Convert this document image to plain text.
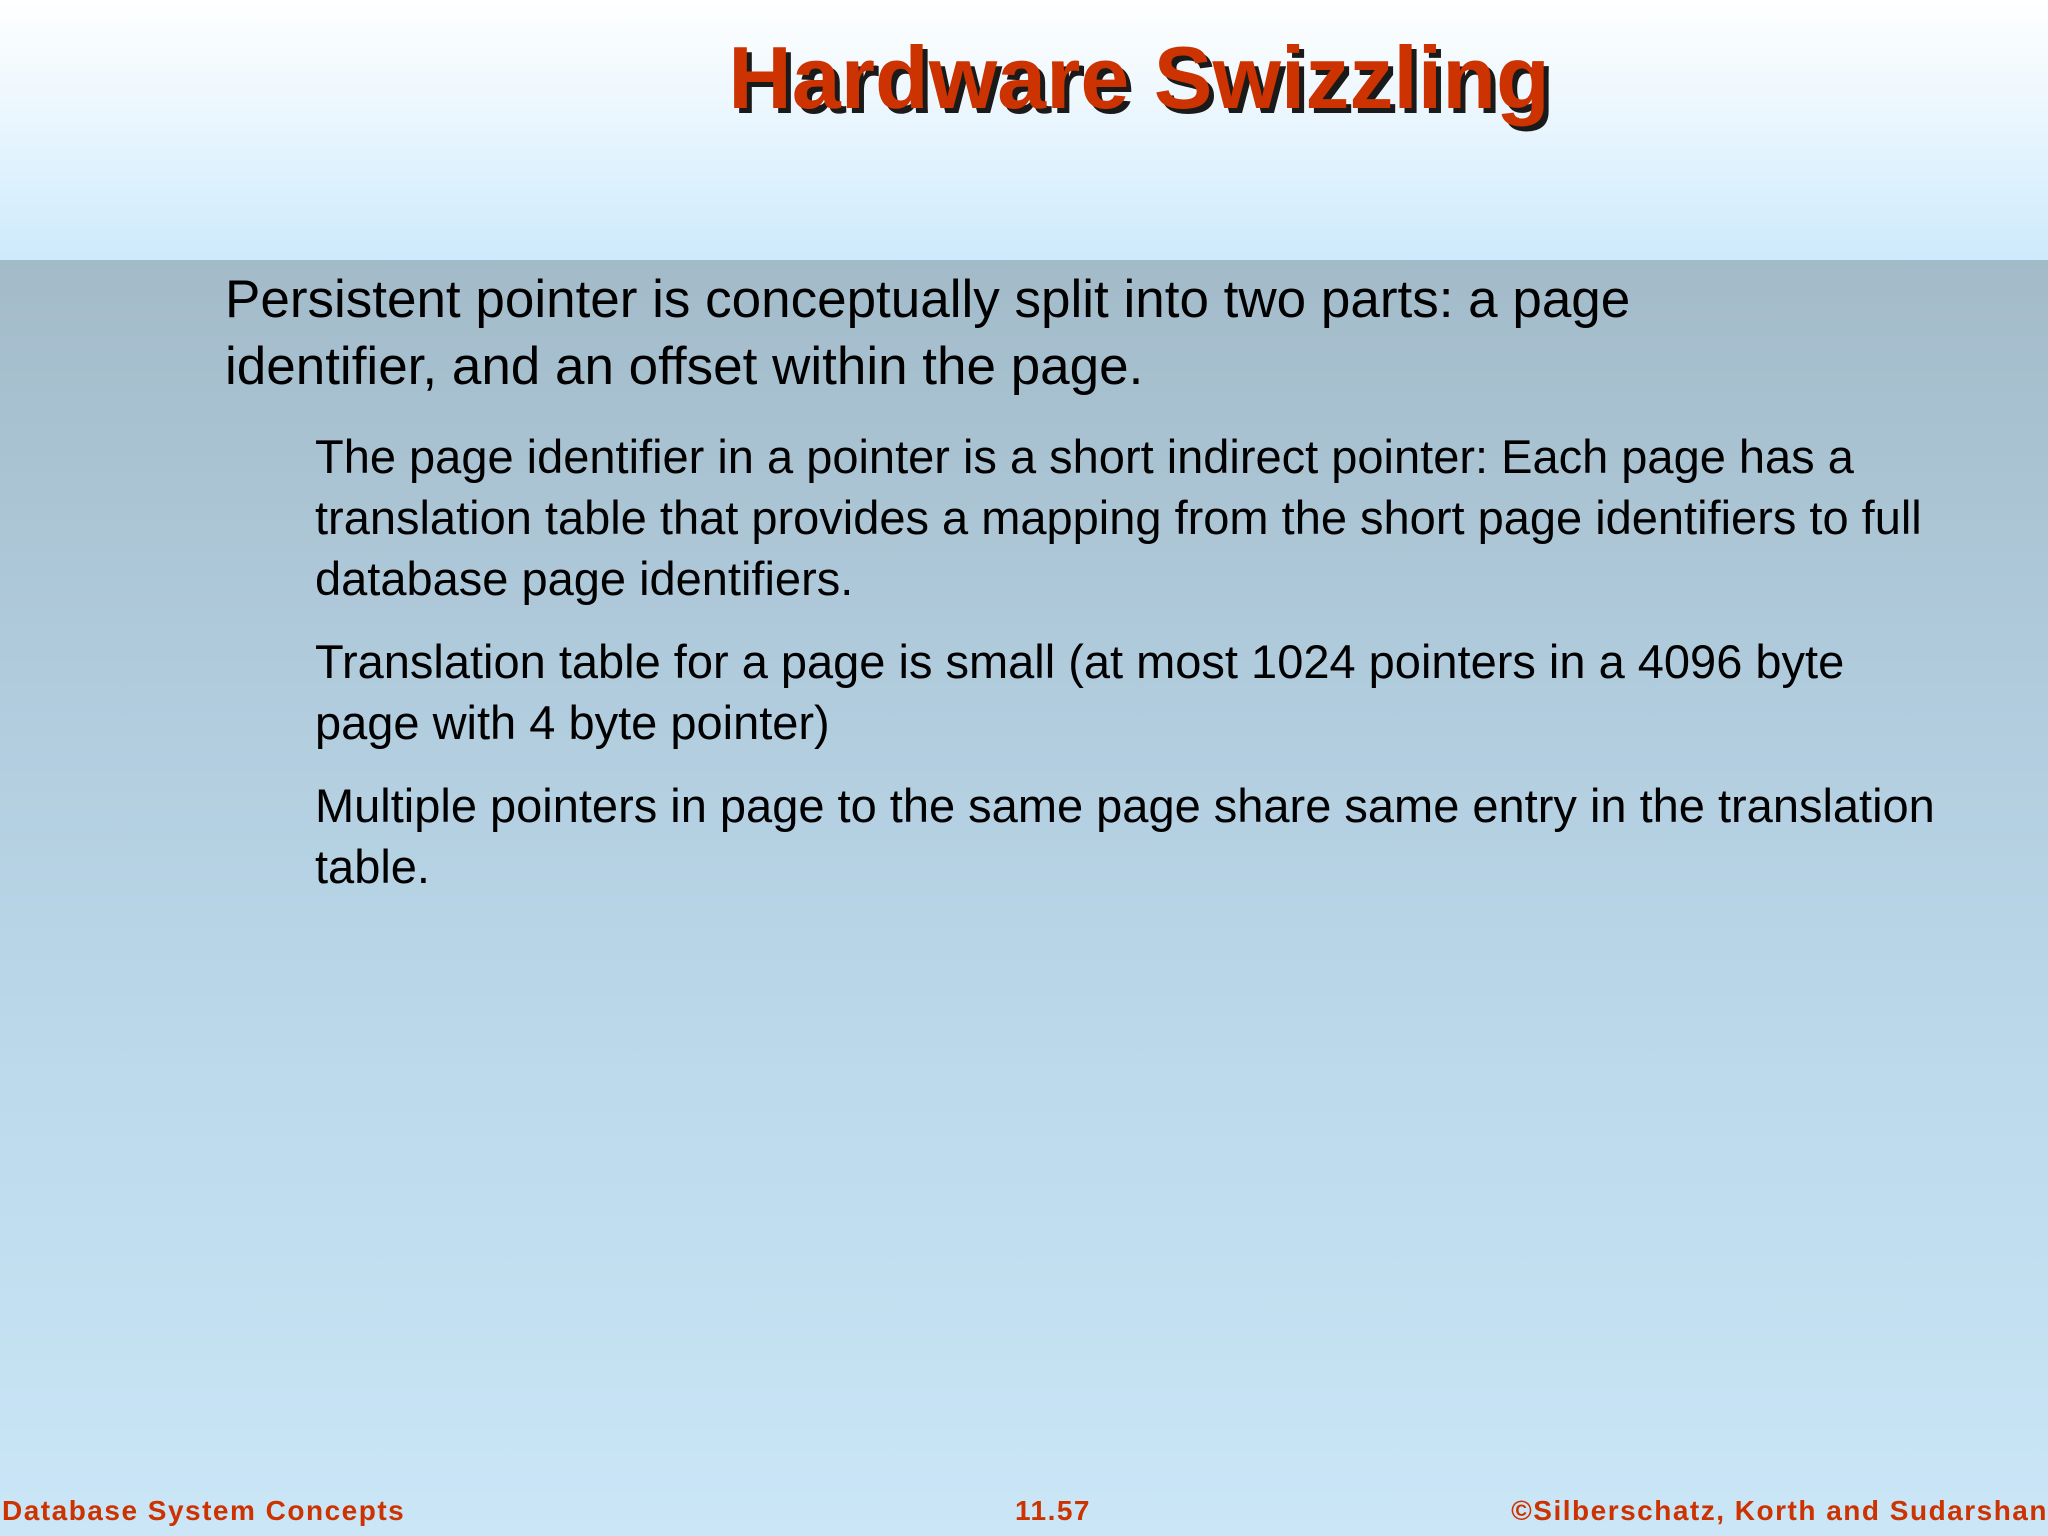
Hardware Swizzling

Persistent pointer is conceptually split into two parts: a page identifier, and an offset within the page.

The page identifier in a pointer is a short indirect pointer: Each page has a translation table that provides a mapping from the short page identifiers to full database page identifiers.

Translation table for a page is small (at most 1024 pointers in a 4096 byte page with 4 byte pointer)

Multiple pointers in page to the same page share same entry in the translation table.

Database System Concepts	11.57	©Silberschatz, Korth and Sudarshan
